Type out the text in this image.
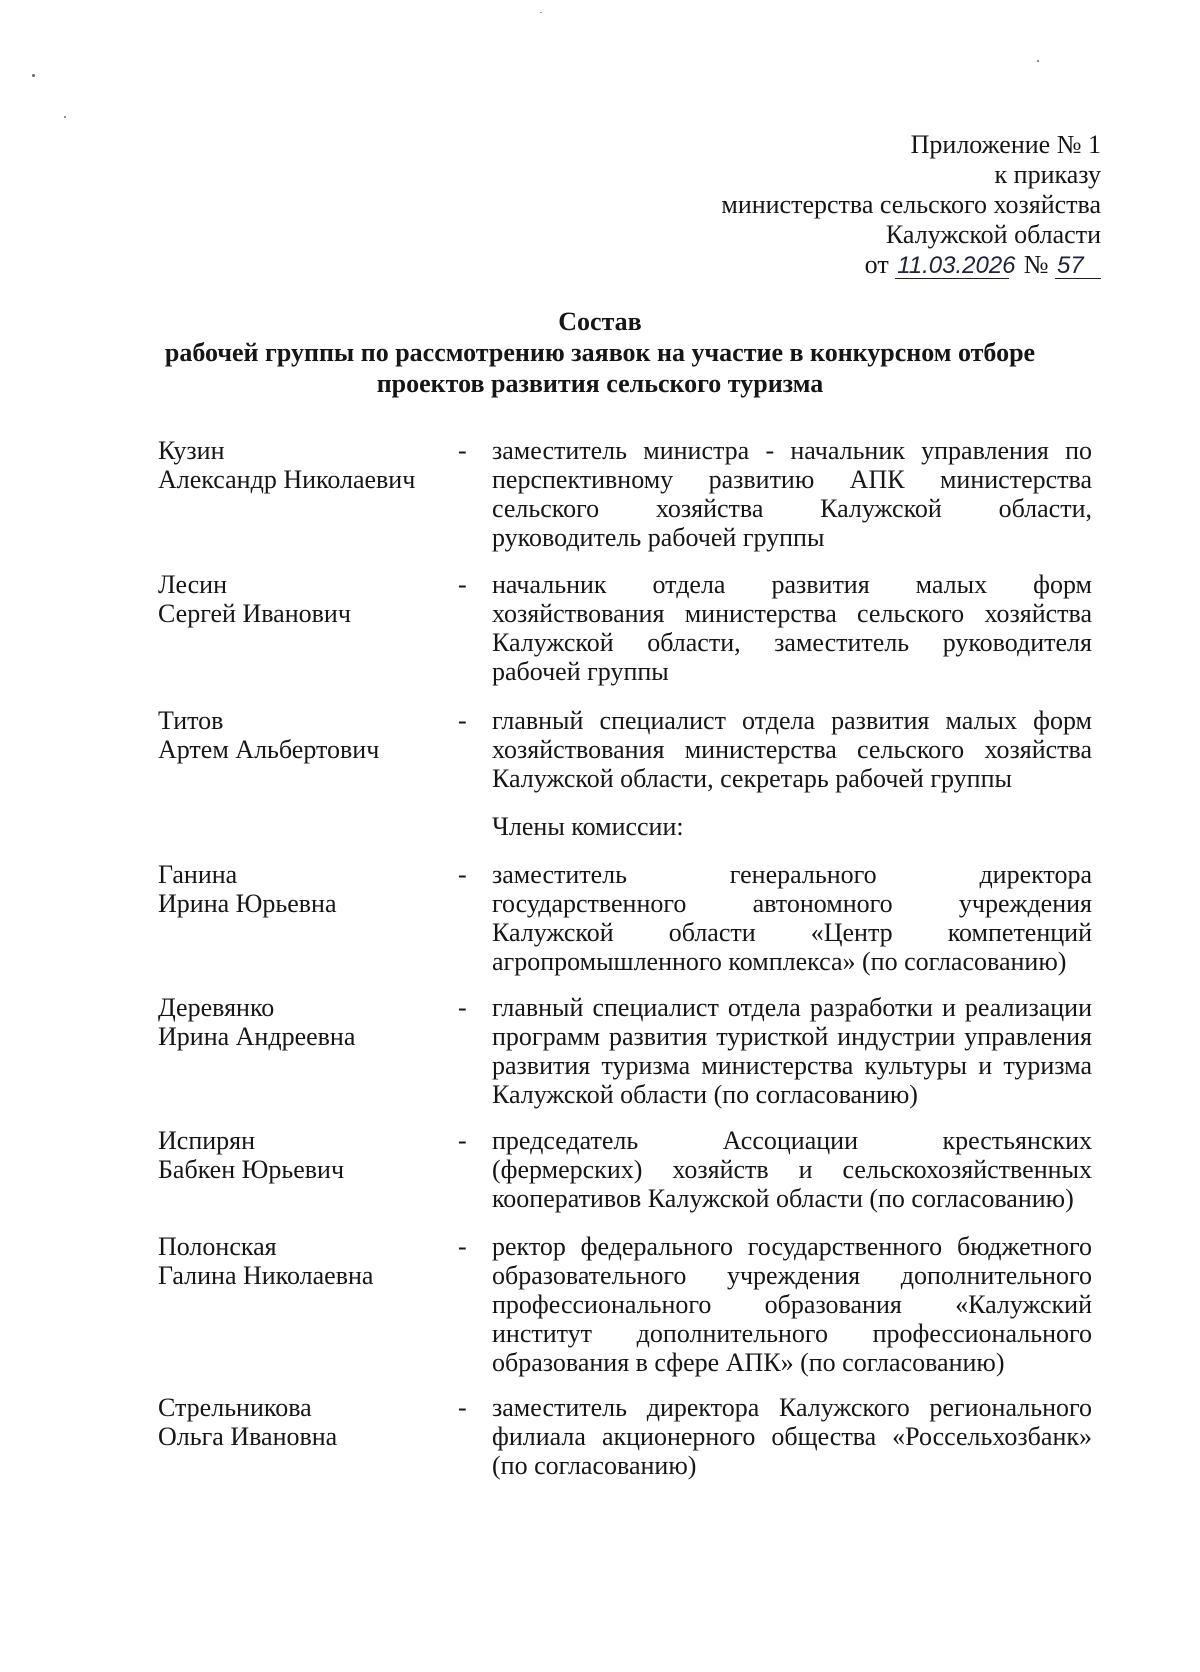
Приложение № 1
к приказу
министерства сельского хозяйства
Калужской области
от 11.03.2026 № 57
Состав
рабочей группы по рассмотрению заявок на участие в конкурсном отборе
проектов развития сельского туризма
Кузин
Александр Николаевич
- заместитель министра - начальник управления по перспективному развитию АПК министерства сельского хозяйства Калужской области, руководитель рабочей группы
Лесин
Сергей Иванович
- начальник отдела развития малых форм хозяйствования министерства сельского хозяйства Калужской области, заместитель руководителя рабочей группы
Титов
Артем Альбертович
- главный специалист отдела развития малых форм хозяйствования министерства сельского хозяйства Калужской области, секретарь рабочей группы
Члены комиссии:
Ганина
Ирина Юрьевна
- заместитель генерального директора государственного автономного учреждения Калужской области «Центр компетенций агропромышленного комплекса» (по согласованию)
Деревянко
Ирина Андреевна
- главный специалист отдела разработки и реализации программ развития туристкой индустрии управления развития туризма министерства культуры и туризма Калужской области (по согласованию)
Испирян
Бабкен Юрьевич
- председатель Ассоциации крестьянских (фермерских) хозяйств и сельскохозяйственных кооперативов Калужской области (по согласованию)
Полонская
Галина Николаевна
- ректор федерального государственного бюджетного образовательного учреждения дополнительного профессионального образования «Калужский институт дополнительного профессионального образования в сфере АПК» (по согласованию)
Стрельникова
Ольга Ивановна
- заместитель директора Калужского регионального филиала акционерного общества «Россельхозбанк» (по согласованию)
